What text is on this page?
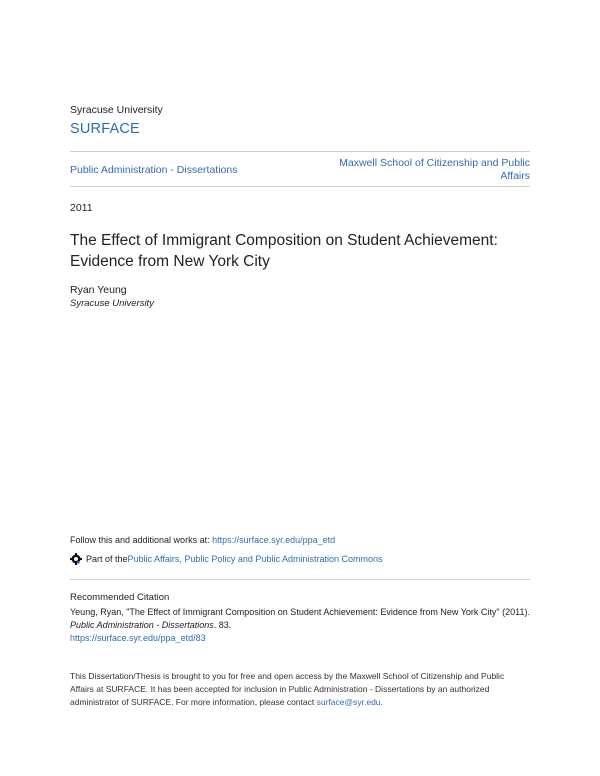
Syracuse University
SURFACE
Public Administration - Dissertations
Maxwell School of Citizenship and Public Affairs
2011
The Effect of Immigrant Composition on Student Achievement: Evidence from New York City
Ryan Yeung
Syracuse University
Follow this and additional works at: https://surface.syr.edu/ppa_etd
Part of the Public Affairs, Public Policy and Public Administration Commons
Recommended Citation
Yeung, Ryan, "The Effect of Immigrant Composition on Student Achievement: Evidence from New York City" (2011). Public Administration - Dissertations. 83.
https://surface.syr.edu/ppa_etd/83
This Dissertation/Thesis is brought to you for free and open access by the Maxwell School of Citizenship and Public Affairs at SURFACE. It has been accepted for inclusion in Public Administration - Dissertations by an authorized administrator of SURFACE. For more information, please contact surface@syr.edu.
